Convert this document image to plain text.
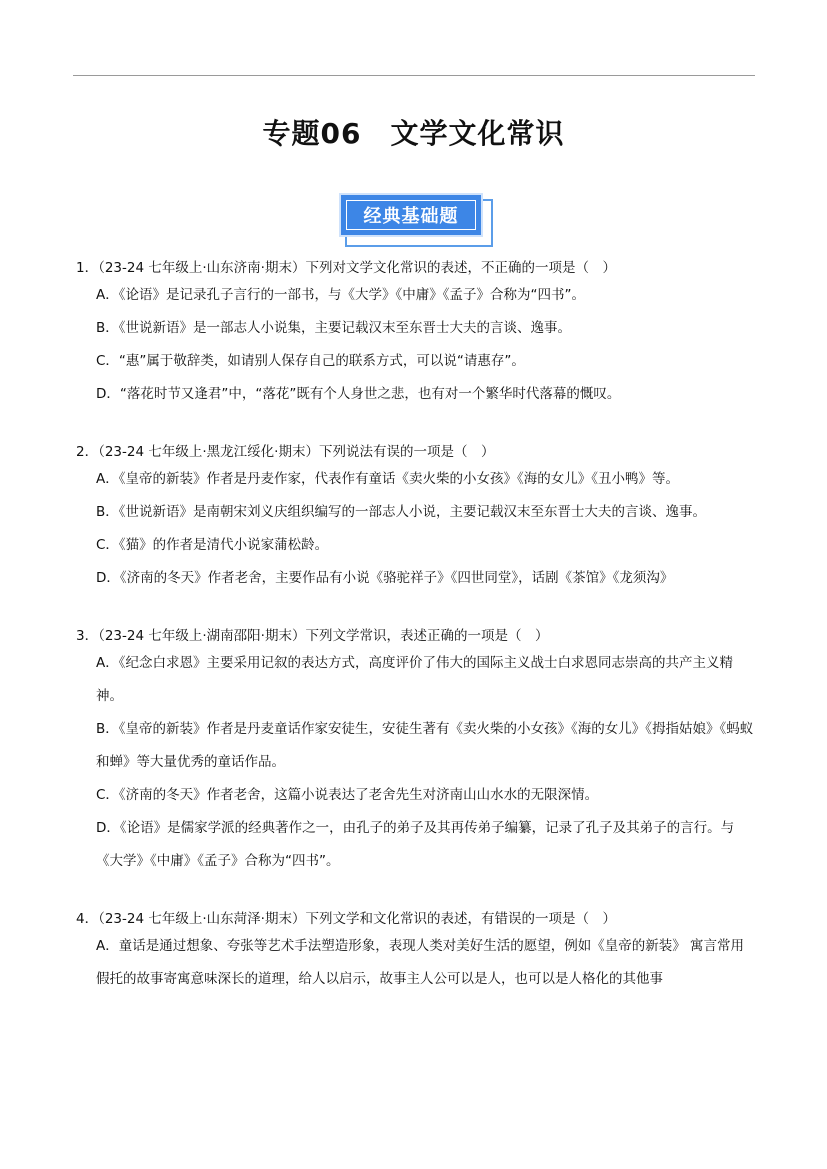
专题06　文学文化常识
经典基础题
1．（23-24 七年级上·山东济南·期末）下列对文学文化常识的表述，不正确的一项是（　）
A．《论语》是记录孔子言行的一部书，与《大学》《中庸》《孟子》合称为“四书”。
B．《世说新语》是一部志人小说集，主要记载汉末至东晋士大夫的言谈、逸事。
C．“惠”属于敬辞类，如请别人保存自己的联系方式，可以说“请惠存”。
D．“落花时节又逢君”中，“落花”既有个人身世之悲，也有对一个繁华时代落幕的慨叹。
2．（23-24 七年级上·黑龙江绥化·期末）下列说法有误的一项是（　）
A．《皇帝的新装》作者是丹麦作家，代表作有童话《卖火柴的小女孩》《海的女儿》《丑小鸭》等。
B．《世说新语》是南朝宋刘义庆组织编写的一部志人小说，主要记载汉末至东晋士大夫的言谈、逸事。
C．《猫》的作者是清代小说家蒲松龄。
D．《济南的冬天》作者老舍，主要作品有小说《骆驼祥子》《四世同堂》，话剧《茶馆》《龙须沟》
3．（23-24 七年级上·湖南邵阳·期末）下列文学常识，表述正确的一项是（　）
A．《纪念白求恩》主要采用记叙的表达方式，高度评价了伟大的国际主义战士白求恩同志崇高的共产主义精神。
B．《皇帝的新装》作者是丹麦童话作家安徒生，安徒生著有《卖火柴的小女孩》《海的女儿》《拇指姑娘》《蚂蚁和蝉》等大量优秀的童话作品。
C．《济南的冬天》作者老舍，这篇小说表达了老舍先生对济南山山水水的无限深情。
D．《论语》是儒家学派的经典著作之一，由孔子的弟子及其再传弟子编纂，记录了孔子及其弟子的言行。与《大学》《中庸》《孟子》合称为“四书”。
4．（23-24 七年级上·山东菏泽·期末）下列文学和文化常识的表述，有错误的一项是（　）
A．童话是通过想象、夸张等艺术手法塑造形象，表现人类对美好生活的愿望，例如《皇帝的新装》 寓言常用假托的故事寄寓意味深长的道理，给人以启示，故事主人公可以是人，也可以是人格化的其他事
